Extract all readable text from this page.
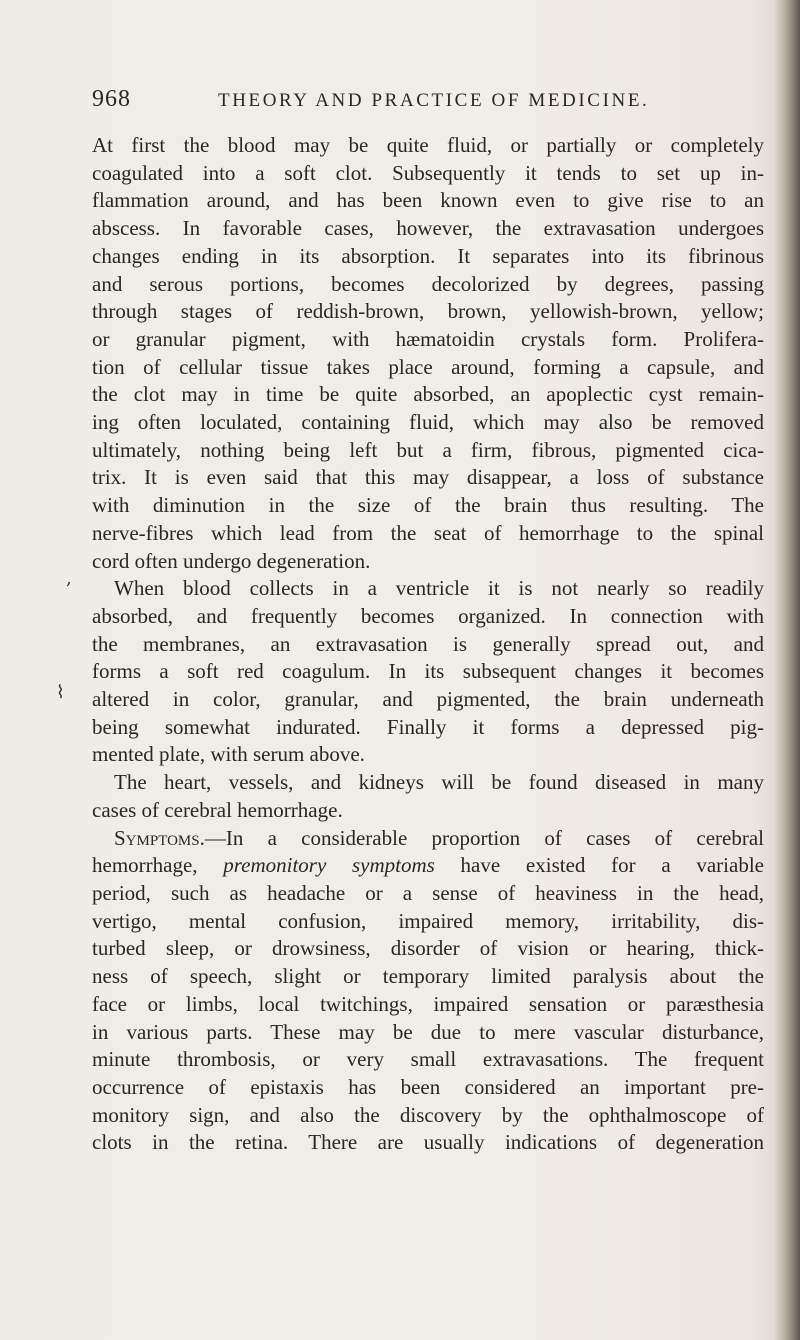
968	THEORY AND PRACTICE OF MEDICINE.
At first the blood may be quite fluid, or partially or completely
coagulated into a soft clot. Subsequently it tends to set up in-
flammation around, and has been known even to give rise to an
abscess. In favorable cases, however, the extravasation undergoes
changes ending in its absorption. It separates into its fibrinous
and serous portions, becomes decolorized by degrees, passing
through stages of reddish-brown, brown, yellowish-brown, yellow;
or granular pigment, with hæmatoidin crystals form. Prolifera-
tion of cellular tissue takes place around, forming a capsule, and
the clot may in time be quite absorbed, an apoplectic cyst remain-
ing often loculated, containing fluid, which may also be removed
ultimately, nothing being left but a firm, fibrous, pigmented cica-
trix. It is even said that this may disappear, a loss of substance
with diminution in the size of the brain thus resulting. The
nerve-fibres which lead from the seat of hemorrhage to the spinal
cord often undergo degeneration.
When blood collects in a ventricle it is not nearly so readily
absorbed, and frequently becomes organized. In connection with
the membranes, an extravasation is generally spread out, and
forms a soft red coagulum. In its subsequent changes it becomes
altered in color, granular, and pigmented, the brain underneath
being somewhat indurated. Finally it forms a depressed pig-
mented plate, with serum above.
The heart, vessels, and kidneys will be found diseased in many
cases of cerebral hemorrhage.
Symptoms.—In a considerable proportion of cases of cerebral
hemorrhage, premonitory symptoms have existed for a variable
period, such as headache or a sense of heaviness in the head,
vertigo, mental confusion, impaired memory, irritability, dis-
turbed sleep, or drowsiness, disorder of vision or hearing, thick-
ness of speech, slight or temporary limited paralysis about the
face or limbs, local twitchings, impaired sensation or paræsthesia
in various parts. These may be due to mere vascular disturbance,
minute thrombosis, or very small extravasations. The frequent
occurrence of epistaxis has been considered an important pre-
monitory sign, and also the discovery by the ophthalmoscope of
clots in the retina. There are usually indications of degeneration
,
⌇
